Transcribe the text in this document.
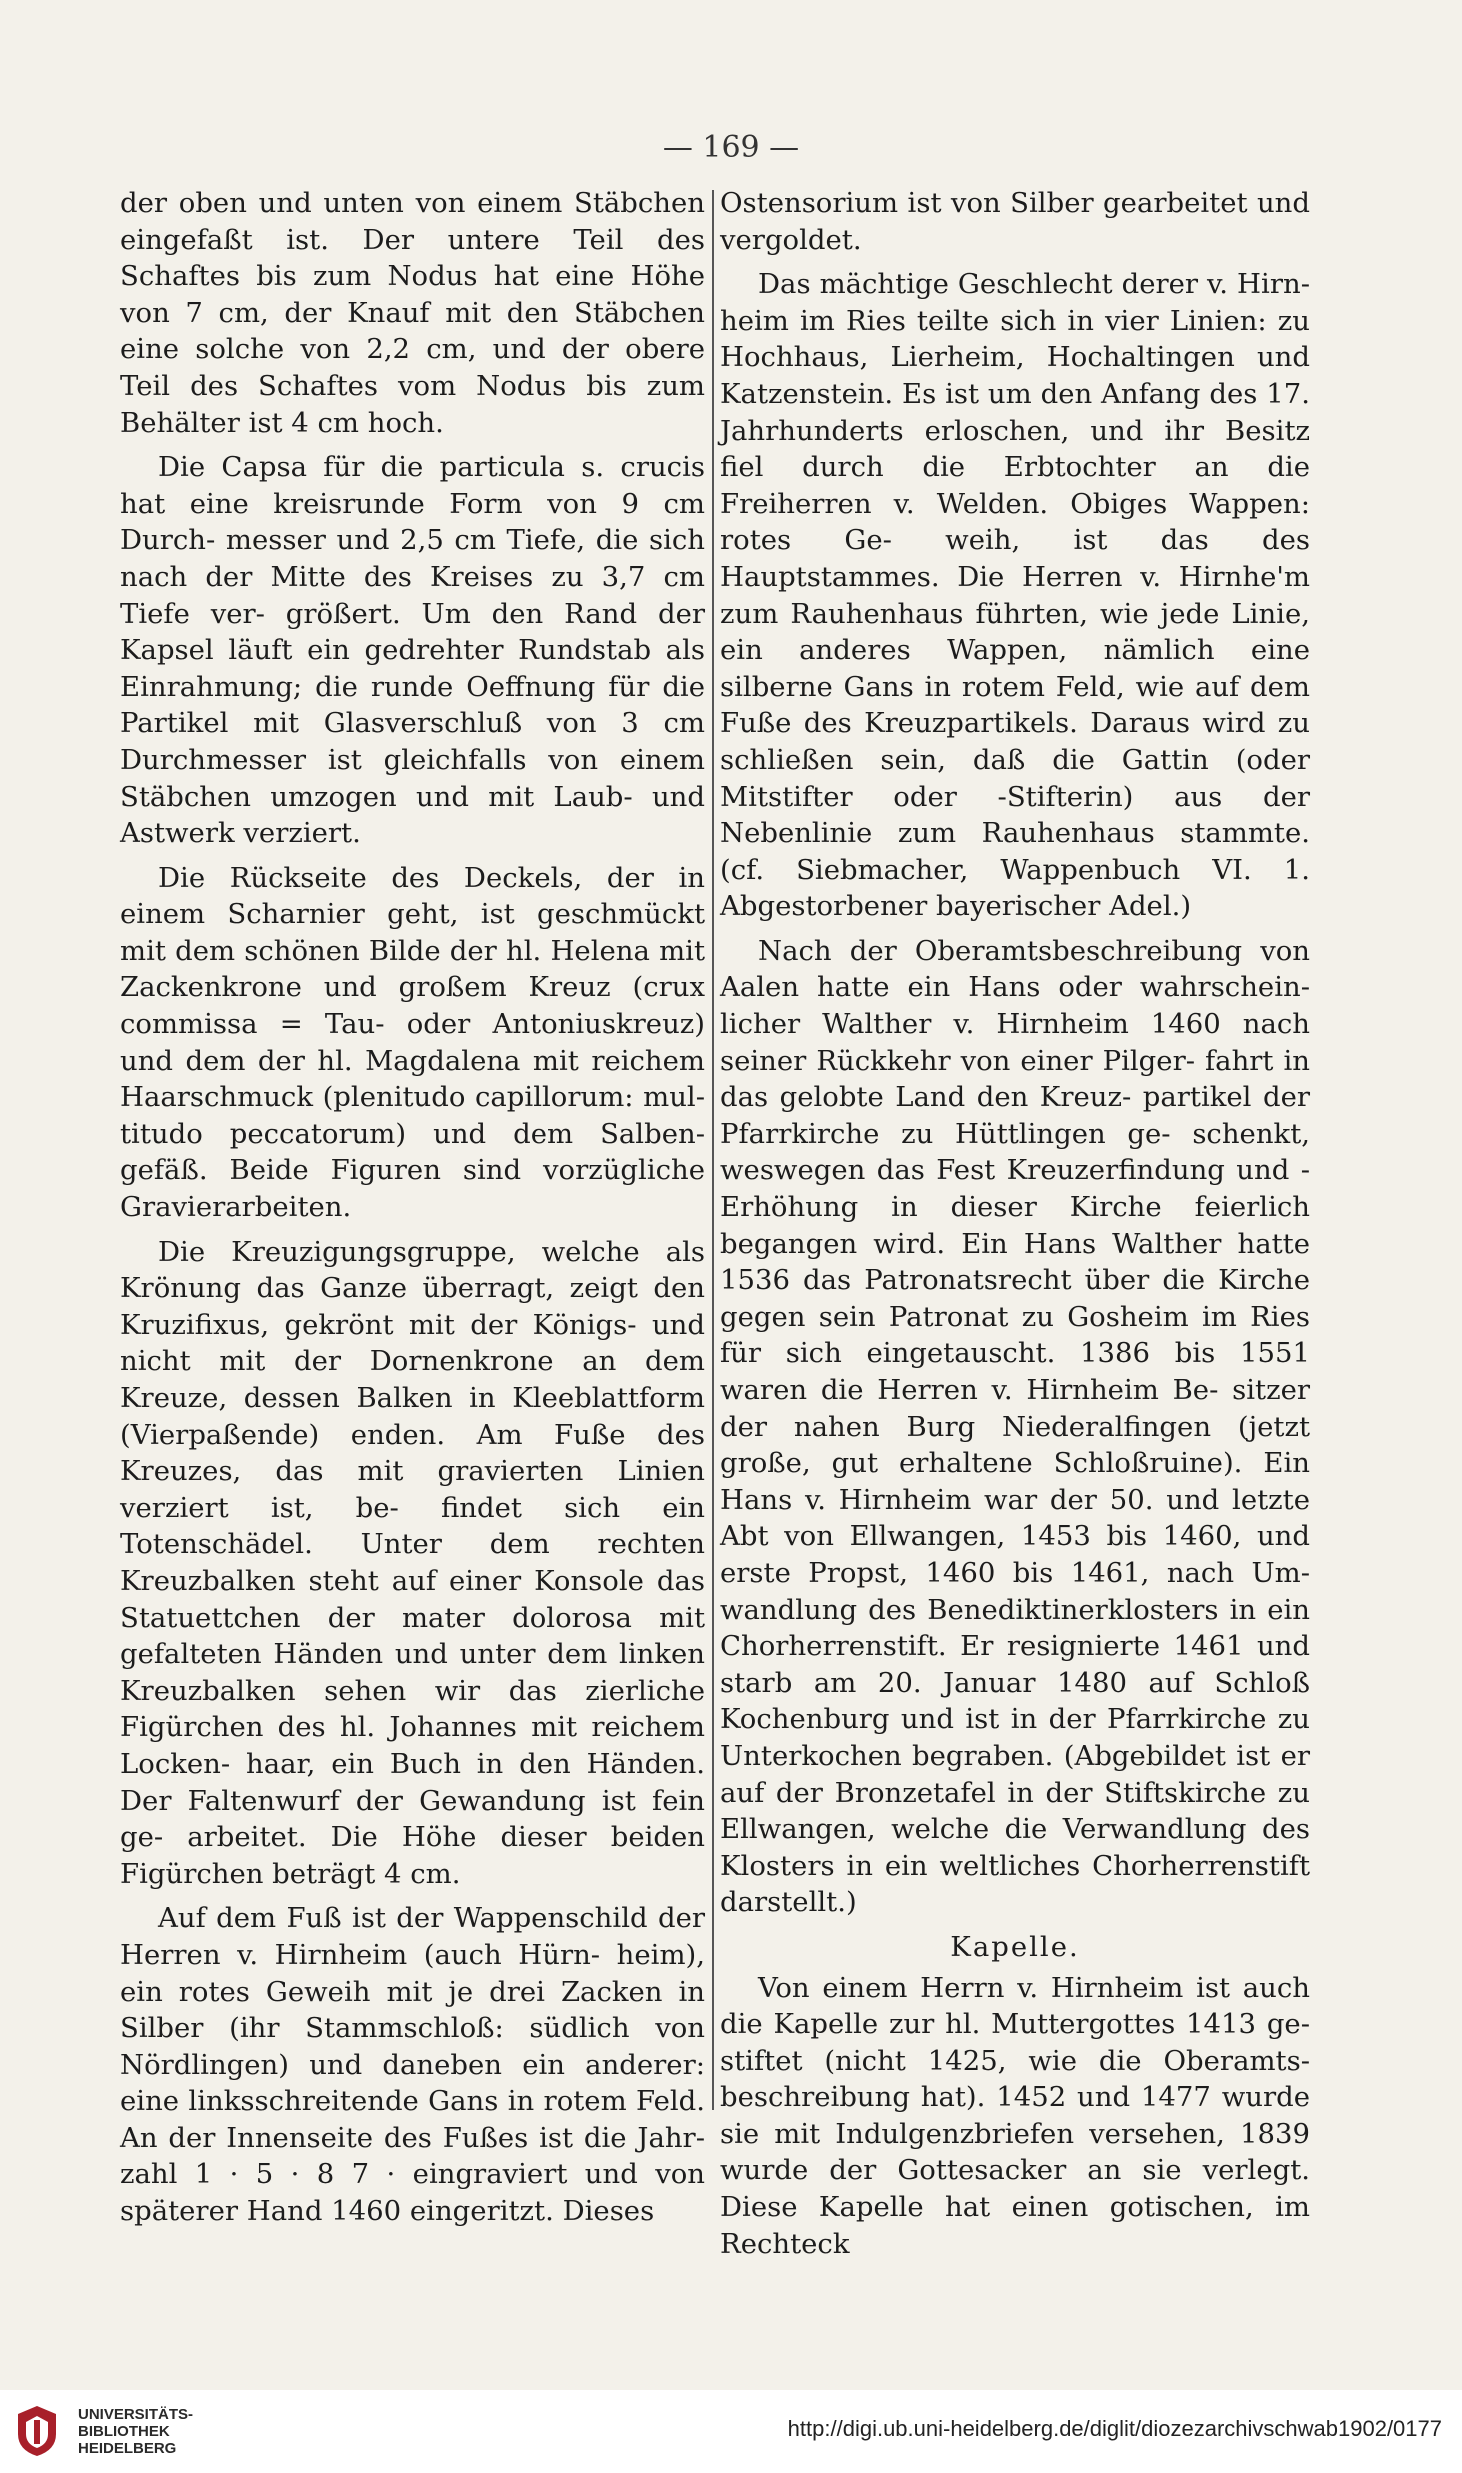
— 169 —

der oben und unten von einem Stäbchen eingefaßt ist. Der untere Teil des Schaftes bis zum Nodus hat eine Höhe von 7 cm, der Knauf mit den Stäbchen eine solche von 2,2 cm, und der obere Teil des Schaftes vom Nodus bis zum Behälter ist 4 cm hoch.

Die Capsa für die particula s. crucis hat eine kreisrunde Form von 9 cm Durch- messer und 2,5 cm Tiefe, die sich nach der Mitte des Kreises zu 3,7 cm Tiefe ver- größert. Um den Rand der Kapsel läuft ein gedrehter Rundstab als Einrahmung; die runde Oeffnung für die Partikel mit Glasverschluß von 3 cm Durchmesser ist gleichfalls von einem Stäbchen umzogen und mit Laub- und Astwerk verziert.

Die Rückseite des Deckels, der in einem Scharnier geht, ist geschmückt mit dem schönen Bilde der hl. Helena mit Zackenkrone und großem Kreuz (crux commissa = Tau- oder Antoniuskreuz) und dem der hl. Magdalena mit reichem Haarschmuck (plenitudo capillorum: mul- titudo peccatorum) und dem Salben- gefäß. Beide Figuren sind vorzügliche Gravierarbeiten.

Die Kreuzigungsgruppe, welche als Krönung das Ganze überragt, zeigt den Kruzifixus, gekrönt mit der Königs- und nicht mit der Dornenkrone an dem Kreuze, dessen Balken in Kleeblattform (Vierpaßende) enden. Am Fuße des Kreuzes, das mit gravierten Linien verziert ist, be- findet sich ein Totenschädel. Unter dem rechten Kreuzbalken steht auf einer Konsole das Statuettchen der mater dolorosa mit gefalteten Händen und unter dem linken Kreuzbalken sehen wir das zierliche Figürchen des hl. Johannes mit reichem Locken- haar, ein Buch in den Händen. Der Faltenwurf der Gewandung ist fein ge- arbeitet. Die Höhe dieser beiden Figürchen beträgt 4 cm.

Auf dem Fuß ist der Wappenschild der Herren v. Hirnheim (auch Hürn- heim), ein rotes Geweih mit je drei Zacken in Silber (ihr Stammschloß: südlich von Nördlingen) und daneben ein anderer: eine linksschreitende Gans in rotem Feld. An der Innenseite des Fußes ist die Jahr- zahl 1 · 5 · 8 7 · eingraviert und von späterer Hand 1460 eingeritzt. Dieses

Ostensorium ist von Silber gearbeitet und vergoldet.

Das mächtige Geschlecht derer v. Hirn- heim im Ries teilte sich in vier Linien: zu Hochhaus, Lierheim, Hochaltingen und Katzenstein. Es ist um den Anfang des 17. Jahrhunderts erloschen, und ihr Besitz fiel durch die Erbtochter an die Freiherren v. Welden. Obiges Wappen: rotes Ge- weih, ist das des Hauptstammes. Die Herren v. Hirnhe'm zum Rauhenhaus führten, wie jede Linie, ein anderes Wappen, nämlich eine silberne Gans in rotem Feld, wie auf dem Fuße des Kreuzpartikels. Daraus wird zu schließen sein, daß die Gattin (oder Mitstifter oder -Stifterin) aus der Nebenlinie zum Rauhenhaus stammte. (cf. Siebmacher, Wappenbuch VI. 1. Abgestorbener bayerischer Adel.)

Nach der Oberamtsbeschreibung von Aalen hatte ein Hans oder wahrschein- licher Walther v. Hirnheim 1460 nach seiner Rückkehr von einer Pilger- fahrt in das gelobte Land den Kreuz- partikel der Pfarrkirche zu Hüttlingen ge- schenkt, weswegen das Fest Kreuzerfindung und -Erhöhung in dieser Kirche feierlich begangen wird. Ein Hans Walther hatte 1536 das Patronatsrecht über die Kirche gegen sein Patronat zu Gosheim im Ries für sich eingetauscht. 1386 bis 1551 waren die Herren v. Hirnheim Be- sitzer der nahen Burg Niederalfingen (jetzt große, gut erhaltene Schloßruine). Ein Hans v. Hirnheim war der 50. und letzte Abt von Ellwangen, 1453 bis 1460, und erste Propst, 1460 bis 1461, nach Um- wandlung des Benediktinerklosters in ein Chorherrenstift. Er resignierte 1461 und starb am 20. Januar 1480 auf Schloß Kochenburg und ist in der Pfarrkirche zu Unterkochen begraben. (Abgebildet ist er auf der Bronzetafel in der Stiftskirche zu Ellwangen, welche die Verwandlung des Klosters in ein weltliches Chorherrenstift darstellt.)

Kapelle.

Von einem Herrn v. Hirnheim ist auch die Kapelle zur hl. Muttergottes 1413 ge- stiftet (nicht 1425, wie die Oberamts- beschreibung hat). 1452 und 1477 wurde sie mit Indulgenzbriefen versehen, 1839 wurde der Gottesacker an sie verlegt. Diese Kapelle hat einen gotischen, im Rechteck

UNIVERSITÄTS-
BIBLIOTHEK
HEIDELBERG
http://digi.ub.uni-heidelberg.de/diglit/diozezarchivschwab1902/0177
